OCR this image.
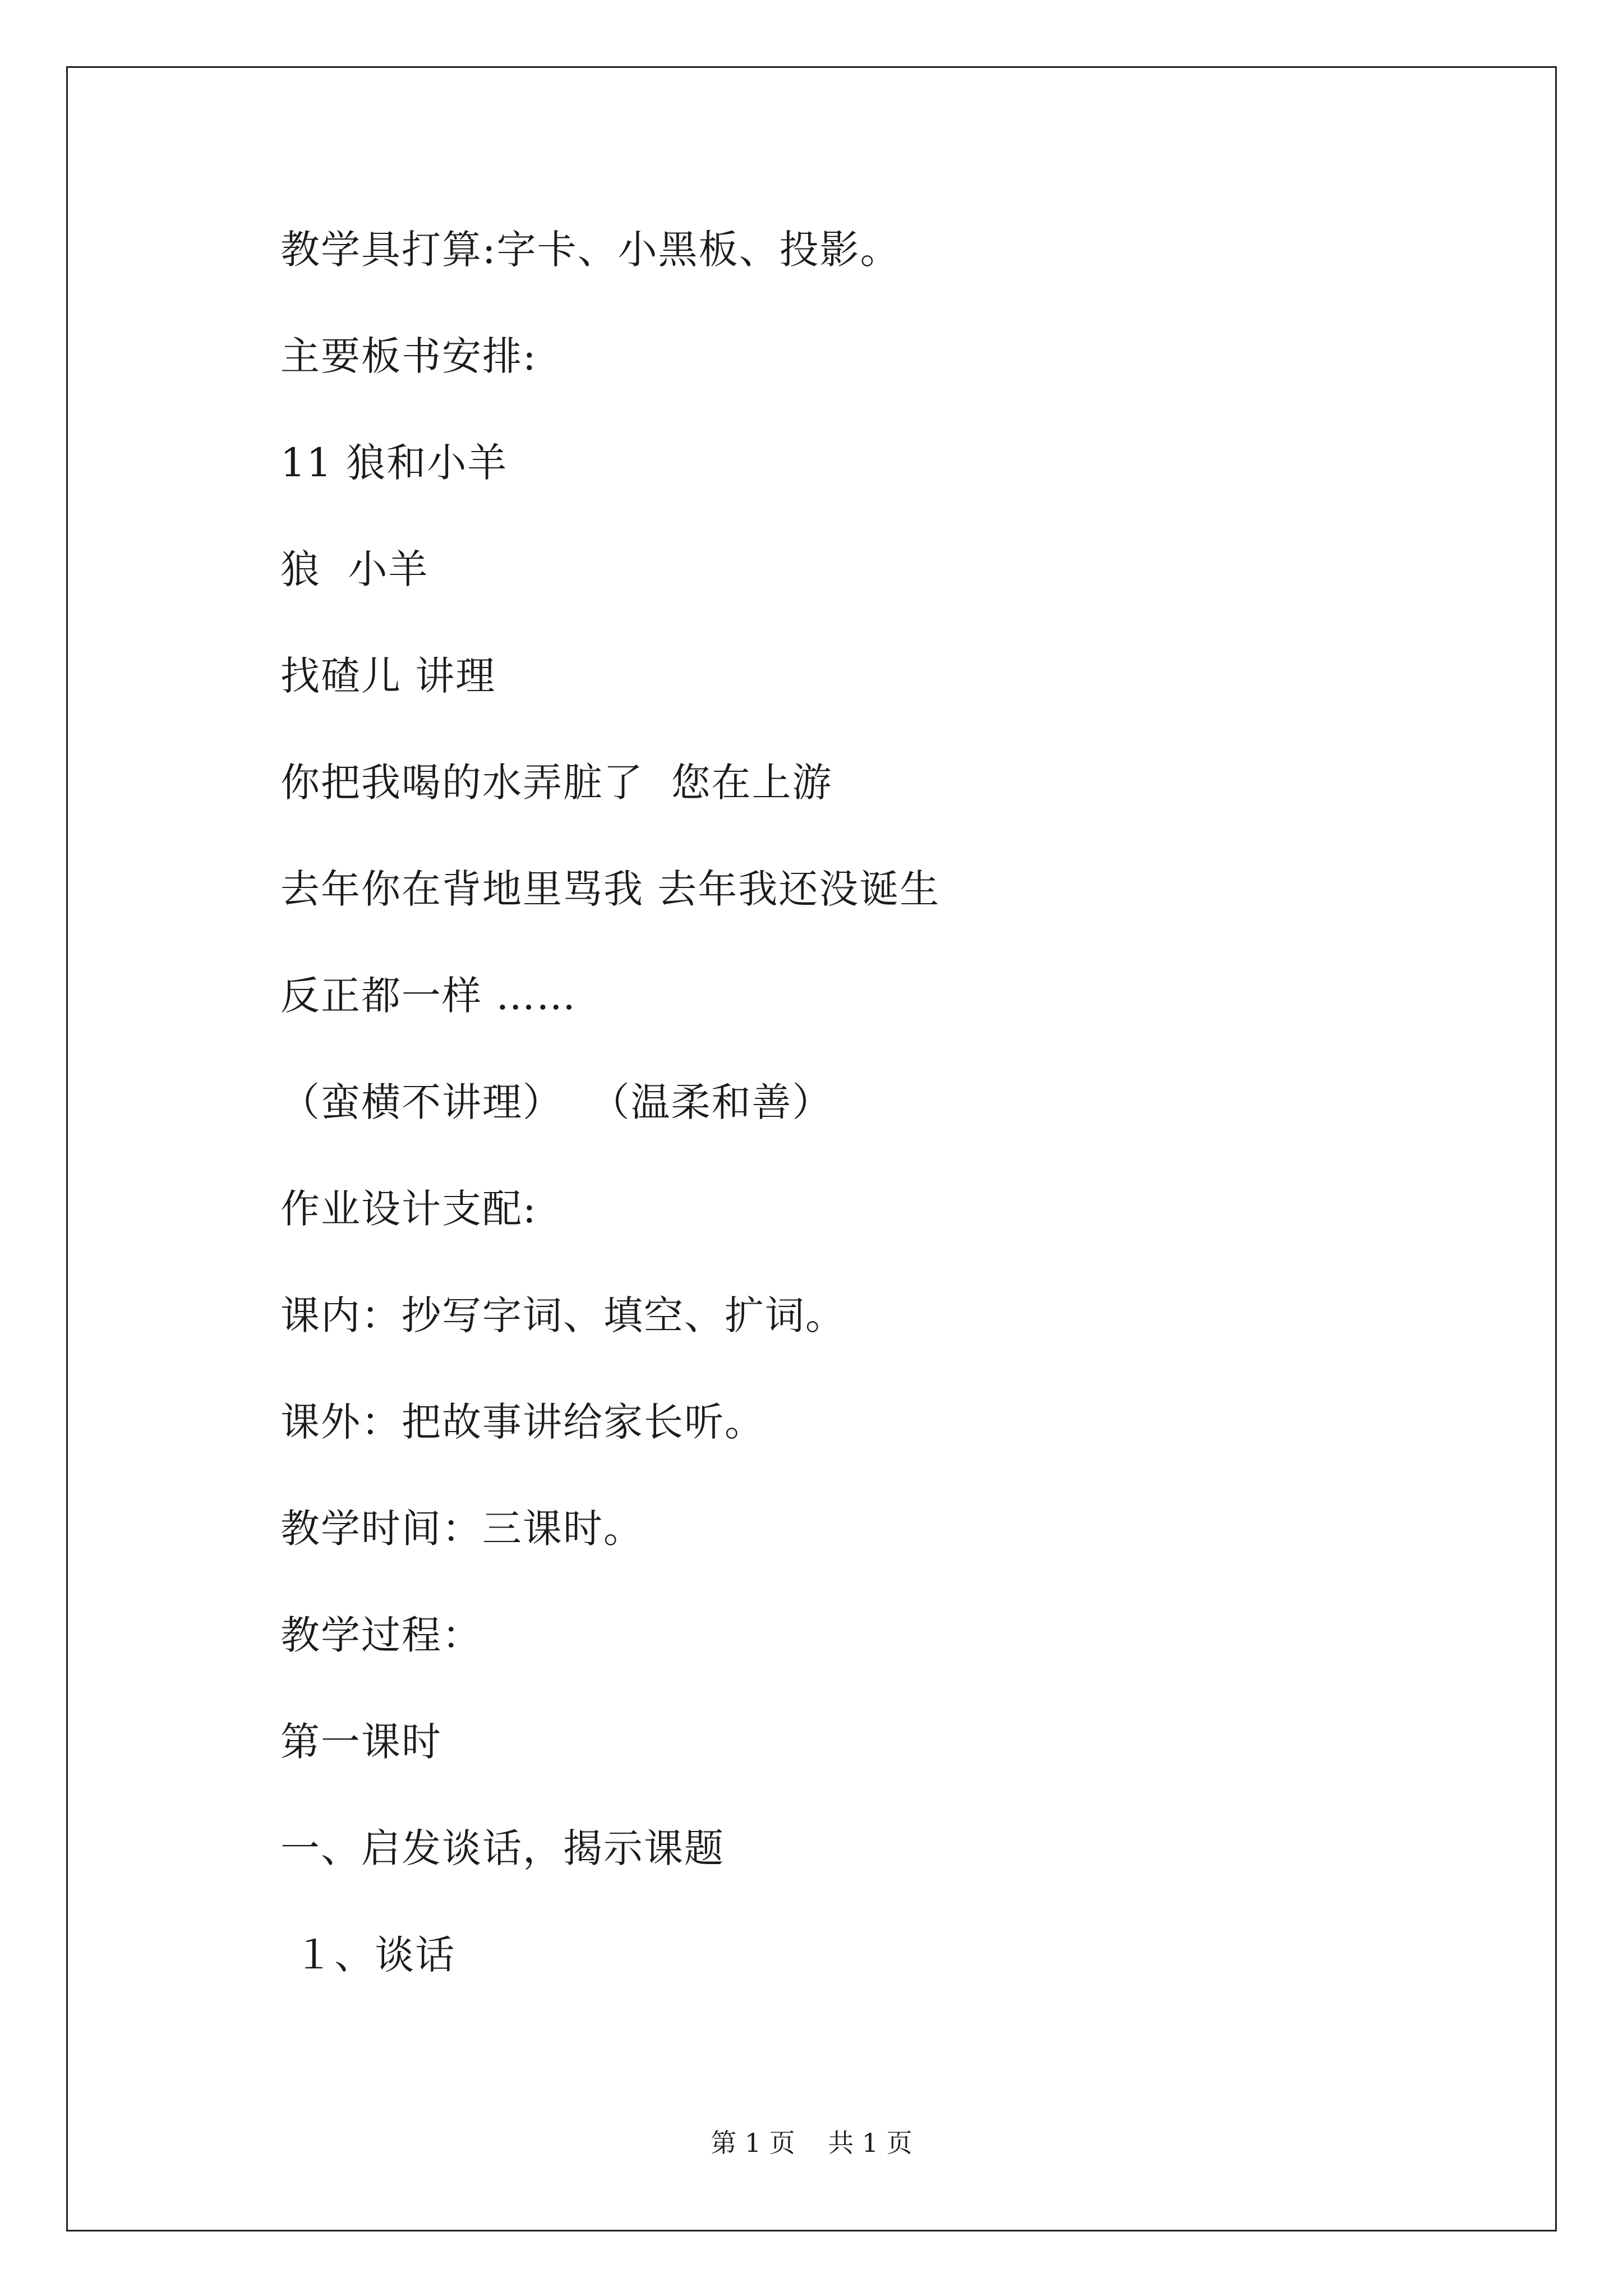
教学具打算:字卡、小黑板、投影。
主要板书安排:
11 狼和小羊
狼  小羊
找碴儿 讲理
你把我喝的水弄脏了  您在上游
去年你在背地里骂我 去年我还没诞生
反正都一样 ……
（蛮横不讲理）  （温柔和善）
作业设计支配:
课内：抄写字词、填空、扩词。
课外：把故事讲给家长听。
教学时间：三课时。
教学过程：
第一课时
一、启发谈话，揭示课题
１、谈话
第 1 页    共 1 页
